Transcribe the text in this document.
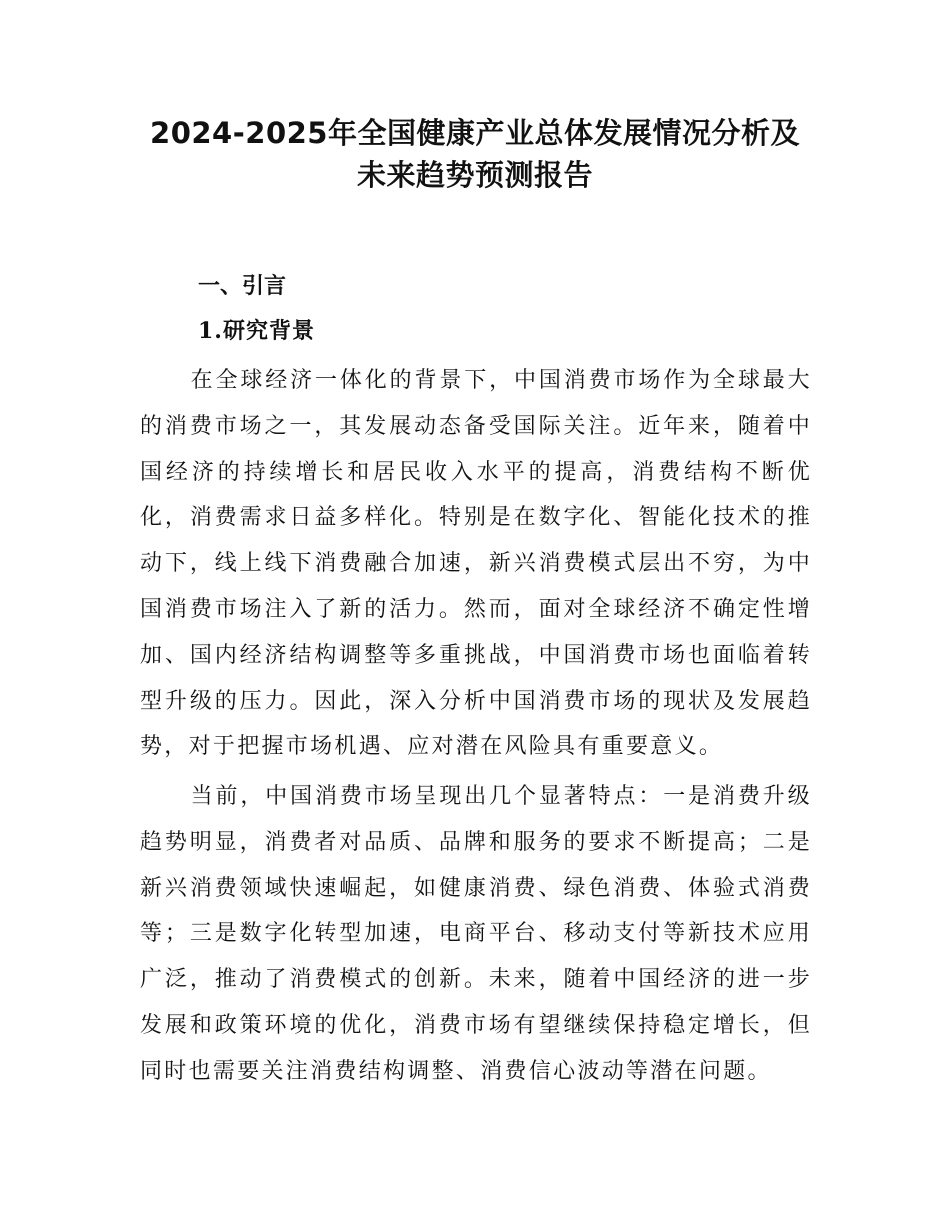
2024-2025年全国健康产业总体发展情况分析及
未来趋势预测报告
一、引言
1.研究背景

在全球经济一体化的背景下，中国消费市场作为全球最大的消费市场之一，其发展动态备受国际关注。近年来，随着中国经济的持续增长和居民收入水平的提高，消费结构不断优化，消费需求日益多样化。特别是在数字化、智能化技术的推动下，线上线下消费融合加速，新兴消费模式层出不穷，为中国消费市场注入了新的活力。然而，面对全球经济不确定性增加、国内经济结构调整等多重挑战，中国消费市场也面临着转型升级的压力。因此，深入分析中国消费市场的现状及发展趋势，对于把握市场机遇、应对潜在风险具有重要意义。

当前，中国消费市场呈现出几个显著特点：一是消费升级趋势明显，消费者对品质、品牌和服务的要求不断提高；二是新兴消费领域快速崛起，如健康消费、绿色消费、体验式消费等；三是数字化转型加速，电商平台、移动支付等新技术应用广泛，推动了消费模式的创新。未来，随着中国经济的进一步发展和政策环境的优化，消费市场有望继续保持稳定增长，但同时也需要关注消费结构调整、消费信心波动等潜在问题。
